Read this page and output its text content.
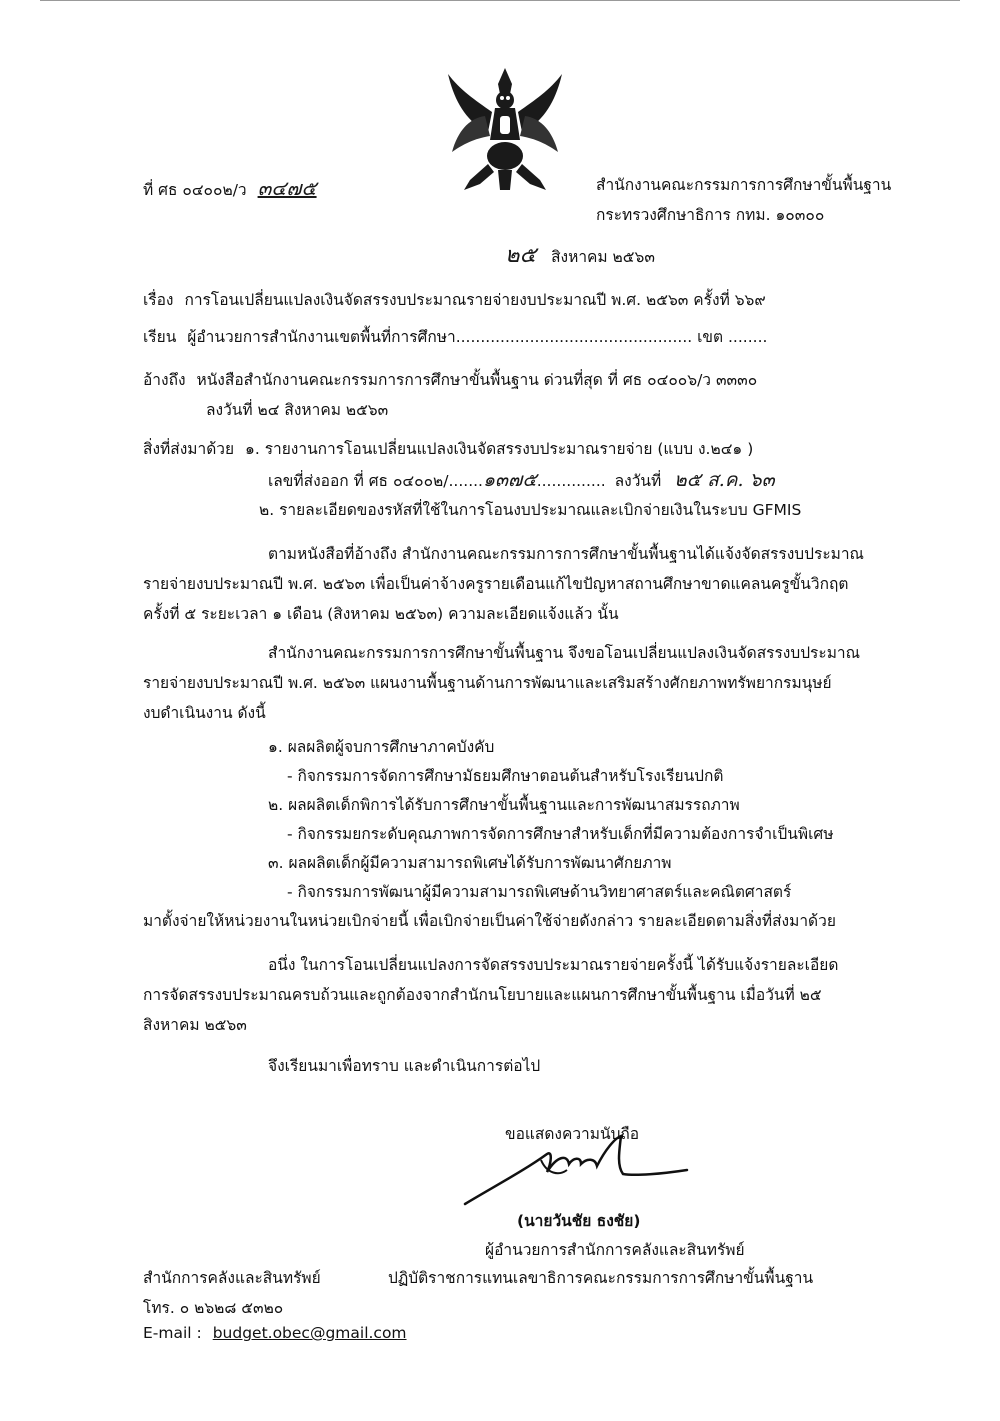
ที่ ศธ ๐๔๐๐๒/ว ๓๔๗๕	สำนักงานคณะกรรมการการศึกษาขั้นพื้นฐาน
กระทรวงศึกษาธิการ กทม. ๑๐๓๐๐
๒๕ สิงหาคม ๒๕๖๓
เรื่อง การโอนเปลี่ยนแปลงเงินจัดสรรงบประมาณรายจ่ายงบประมาณปี พ.ศ. ๒๕๖๓ ครั้งที่ ๖๖๙
เรียน ผู้อำนวยการสำนักงานเขตพื้นที่การศึกษา................................................ เขต ........
อ้างถึง หนังสือสำนักงานคณะกรรมการการศึกษาขั้นพื้นฐาน ด่วนที่สุด ที่ ศธ ๐๔๐๐๖/ว ๓๓๓๐
ลงวันที่ ๒๔ สิงหาคม ๒๕๖๓
สิ่งที่ส่งมาด้วย ๑. รายงานการโอนเปลี่ยนแปลงเงินจัดสรรงบประมาณรายจ่าย (แบบ ง.๒๔๑ )
เลขที่ส่งออก ที่ ศธ ๐๔๐๐๒/.......๑๓๗๕.............. ลงวันที่ ๒๕ ส.ค. ๖๓
๒. รายละเอียดของรหัสที่ใช้ในการโอนงบประมาณและเบิกจ่ายเงินในระบบ GFMIS
ตามหนังสือที่อ้างถึง สำนักงานคณะกรรมการการศึกษาขั้นพื้นฐานได้แจ้งจัดสรรงบประมาณ
รายจ่ายงบประมาณปี พ.ศ. ๒๕๖๓ เพื่อเป็นค่าจ้างครูรายเดือนแก้ไขปัญหาสถานศึกษาขาดแคลนครูขั้นวิกฤต
ครั้งที่ ๕ ระยะเวลา ๑ เดือน (สิงหาคม ๒๕๖๓) ความละเอียดแจ้งแล้ว นั้น
สำนักงานคณะกรรมการการศึกษาขั้นพื้นฐาน จึงขอโอนเปลี่ยนแปลงเงินจัดสรรงบประมาณ
รายจ่ายงบประมาณปี พ.ศ. ๒๕๖๓ แผนงานพื้นฐานด้านการพัฒนาและเสริมสร้างศักยภาพทรัพยากรมนุษย์
งบดำเนินงาน ดังนี้
๑. ผลผลิตผู้จบการศึกษาภาคบังคับ
- กิจกรรมการจัดการศึกษามัธยมศึกษาตอนต้นสำหรับโรงเรียนปกติ
๒. ผลผลิตเด็กพิการได้รับการศึกษาขั้นพื้นฐานและการพัฒนาสมรรถภาพ
- กิจกรรมยกระดับคุณภาพการจัดการศึกษาสำหรับเด็กที่มีความต้องการจำเป็นพิเศษ
๓. ผลผลิตเด็กผู้มีความสามารถพิเศษได้รับการพัฒนาศักยภาพ
- กิจกรรมการพัฒนาผู้มีความสามารถพิเศษด้านวิทยาศาสตร์และคณิตศาสตร์
มาตั้งจ่ายให้หน่วยงานในหน่วยเบิกจ่ายนี้ เพื่อเบิกจ่ายเป็นค่าใช้จ่ายดังกล่าว รายละเอียดตามสิ่งที่ส่งมาด้วย
อนึ่ง ในการโอนเปลี่ยนแปลงการจัดสรรงบประมาณรายจ่ายครั้งนี้ ได้รับแจ้งรายละเอียด
การจัดสรรงบประมาณครบถ้วนและถูกต้องจากสำนักนโยบายและแผนการศึกษาขั้นพื้นฐาน เมื่อวันที่ ๒๕
สิงหาคม ๒๕๖๓
จึงเรียนมาเพื่อทราบ และดำเนินการต่อไป
ขอแสดงความนับถือ
(นายวันชัย ธงชัย)
ผู้อำนวยการสำนักการคลังและสินทรัพย์
ปฏิบัติราชการแทนเลขาธิการคณะกรรมการการศึกษาขั้นพื้นฐาน
สำนักการคลังและสินทรัพย์
โทร. ๐ ๒๖๒๘ ๕๓๒๐
E-mail : budget.obec@gmail.com
